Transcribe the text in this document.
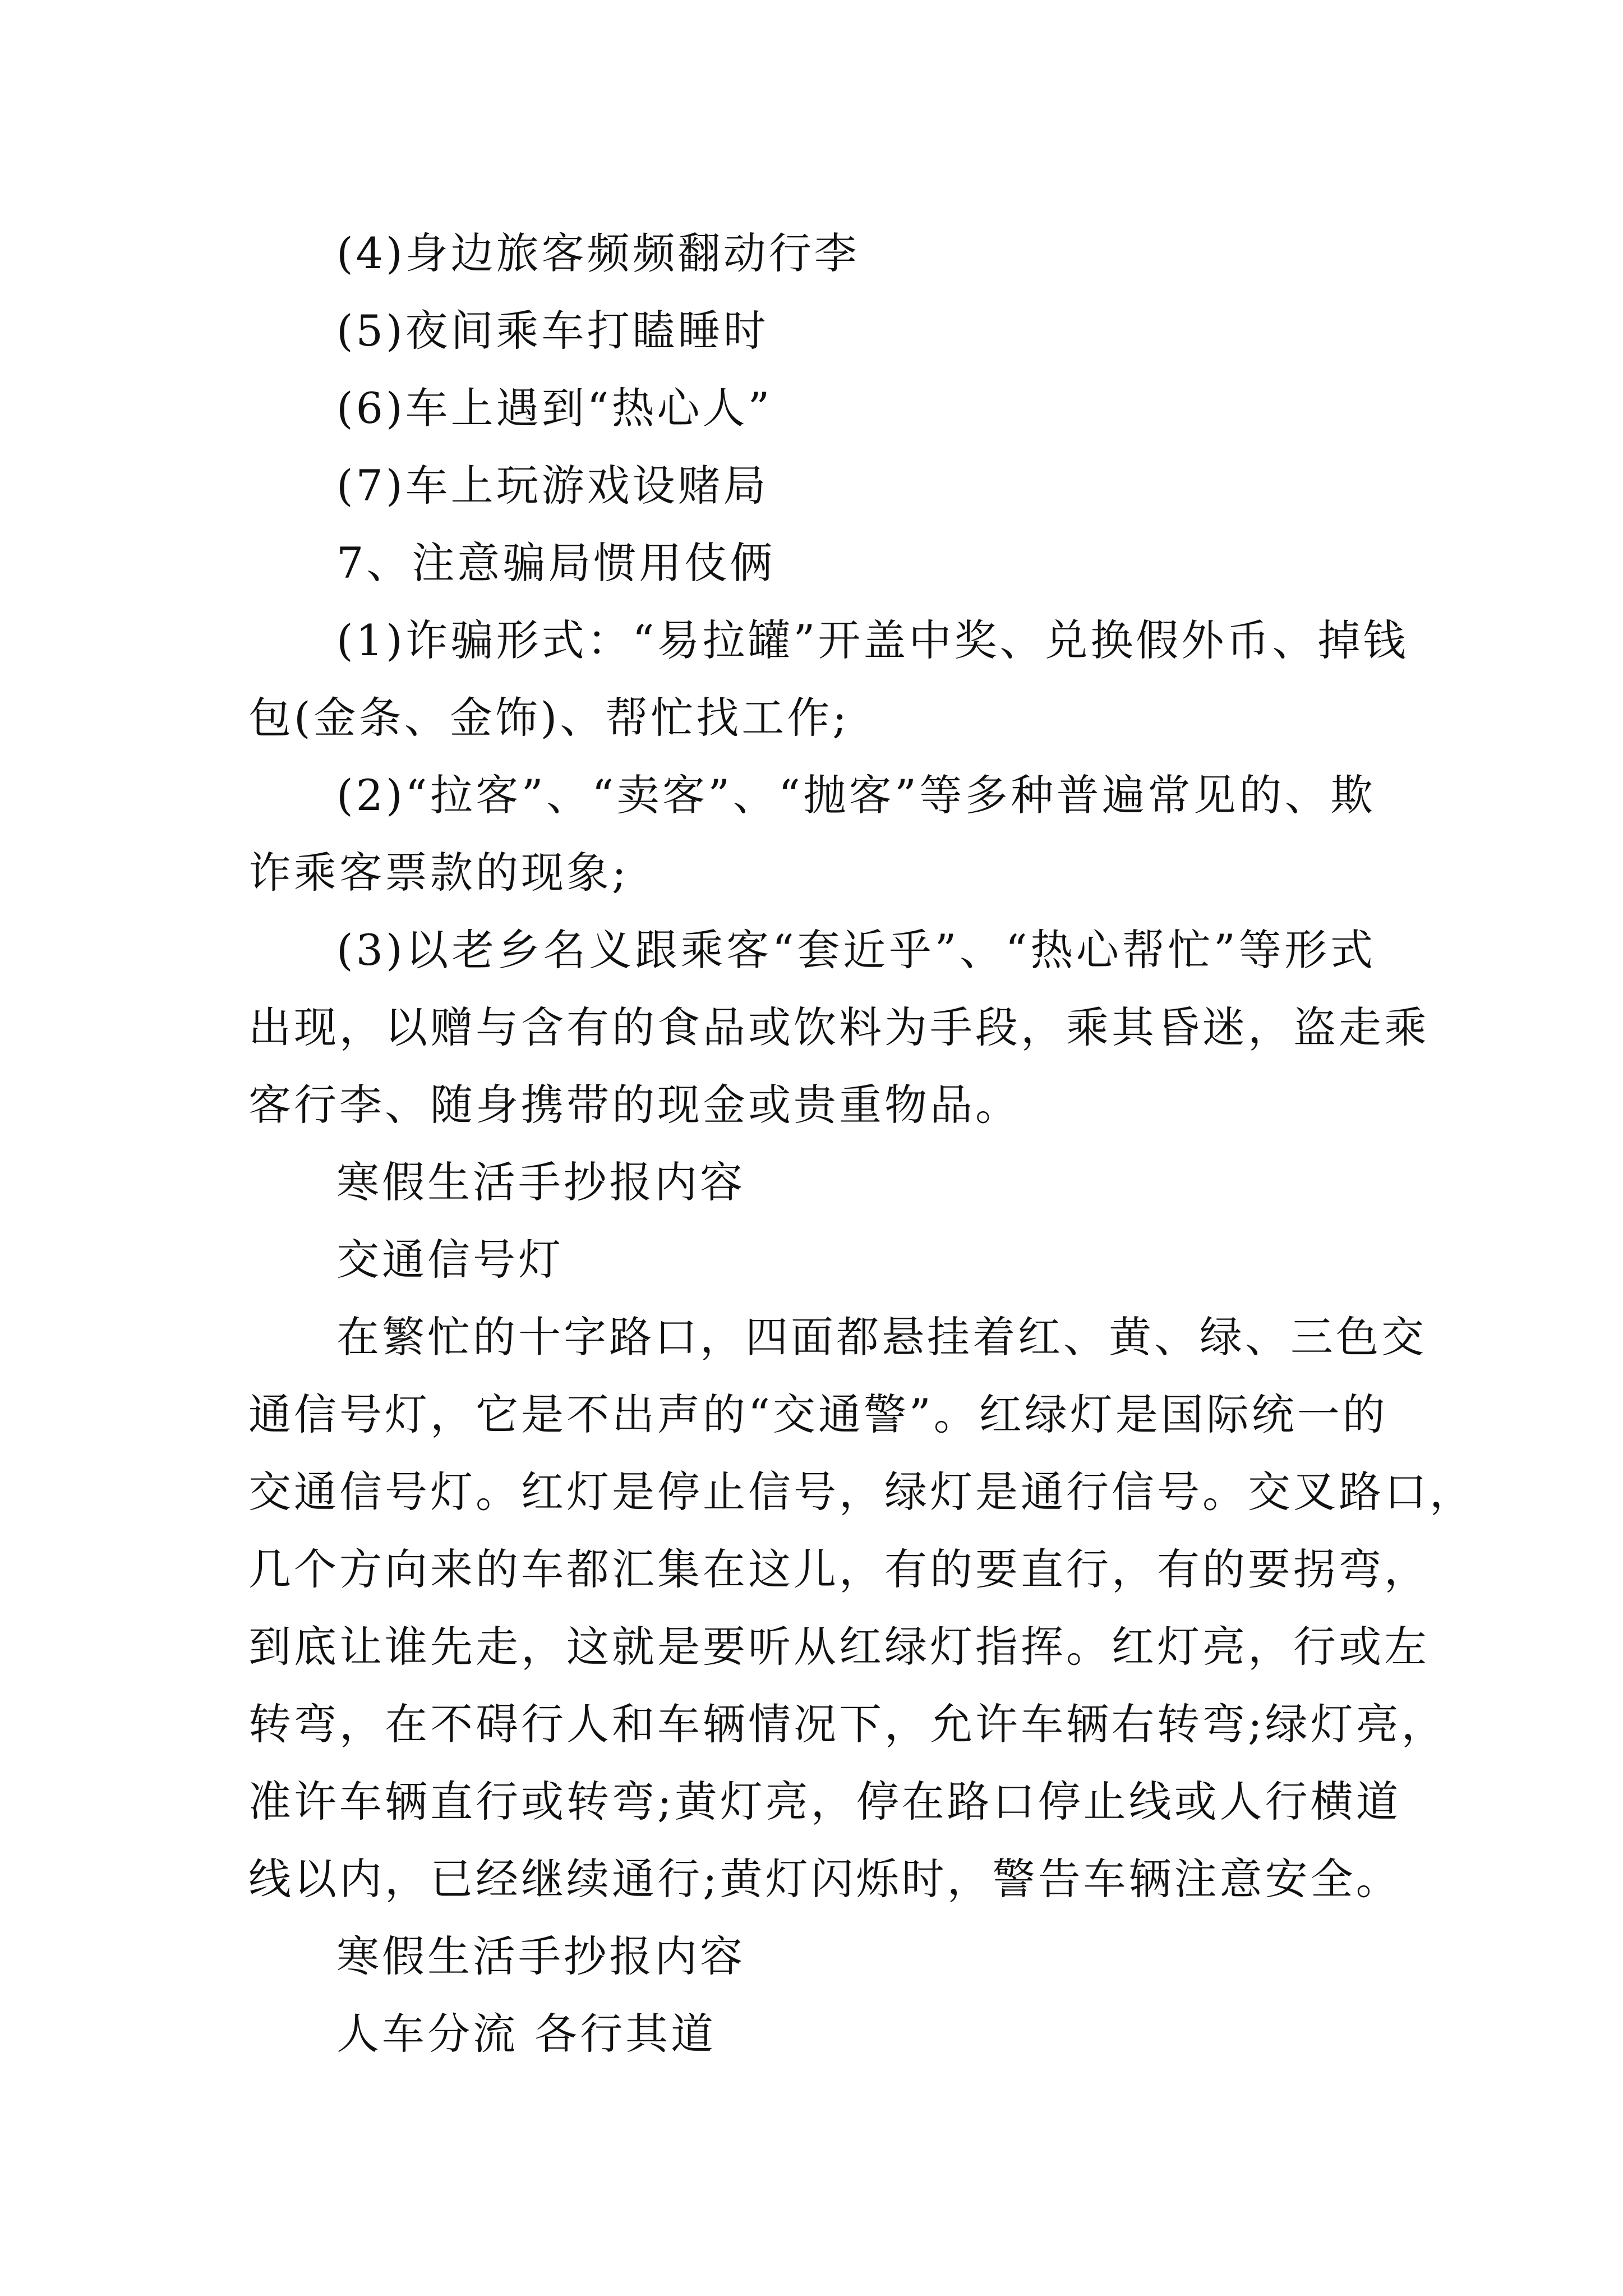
(4)身边旅客频频翻动行李
(5)夜间乘车打瞌睡时
(6)车上遇到“热心人”
(7)车上玩游戏设赌局
7、注意骗局惯用伎俩
(1)诈骗形式：“易拉罐”开盖中奖、兑换假外币、掉钱
包(金条、金饰)、帮忙找工作;
(2)“拉客”、“卖客”、“抛客”等多种普遍常见的、欺
诈乘客票款的现象;
(3)以老乡名义跟乘客“套近乎”、“热心帮忙”等形式
出现，以赠与含有的食品或饮料为手段，乘其昏迷，盗走乘
客行李、随身携带的现金或贵重物品。
寒假生活手抄报内容
交通信号灯
在繁忙的十字路口，四面都悬挂着红、黄、绿、三色交
通信号灯，它是不出声的“交通警”。红绿灯是国际统一的
交通信号灯。红灯是停止信号，绿灯是通行信号。交叉路口，
几个方向来的车都汇集在这儿，有的要直行，有的要拐弯，
到底让谁先走，这就是要听从红绿灯指挥。红灯亮，行或左
转弯，在不碍行人和车辆情况下，允许车辆右转弯;绿灯亮，
准许车辆直行或转弯;黄灯亮，停在路口停止线或人行横道
线以内，已经继续通行;黄灯闪烁时，警告车辆注意安全。
寒假生活手抄报内容
人车分流 各行其道
